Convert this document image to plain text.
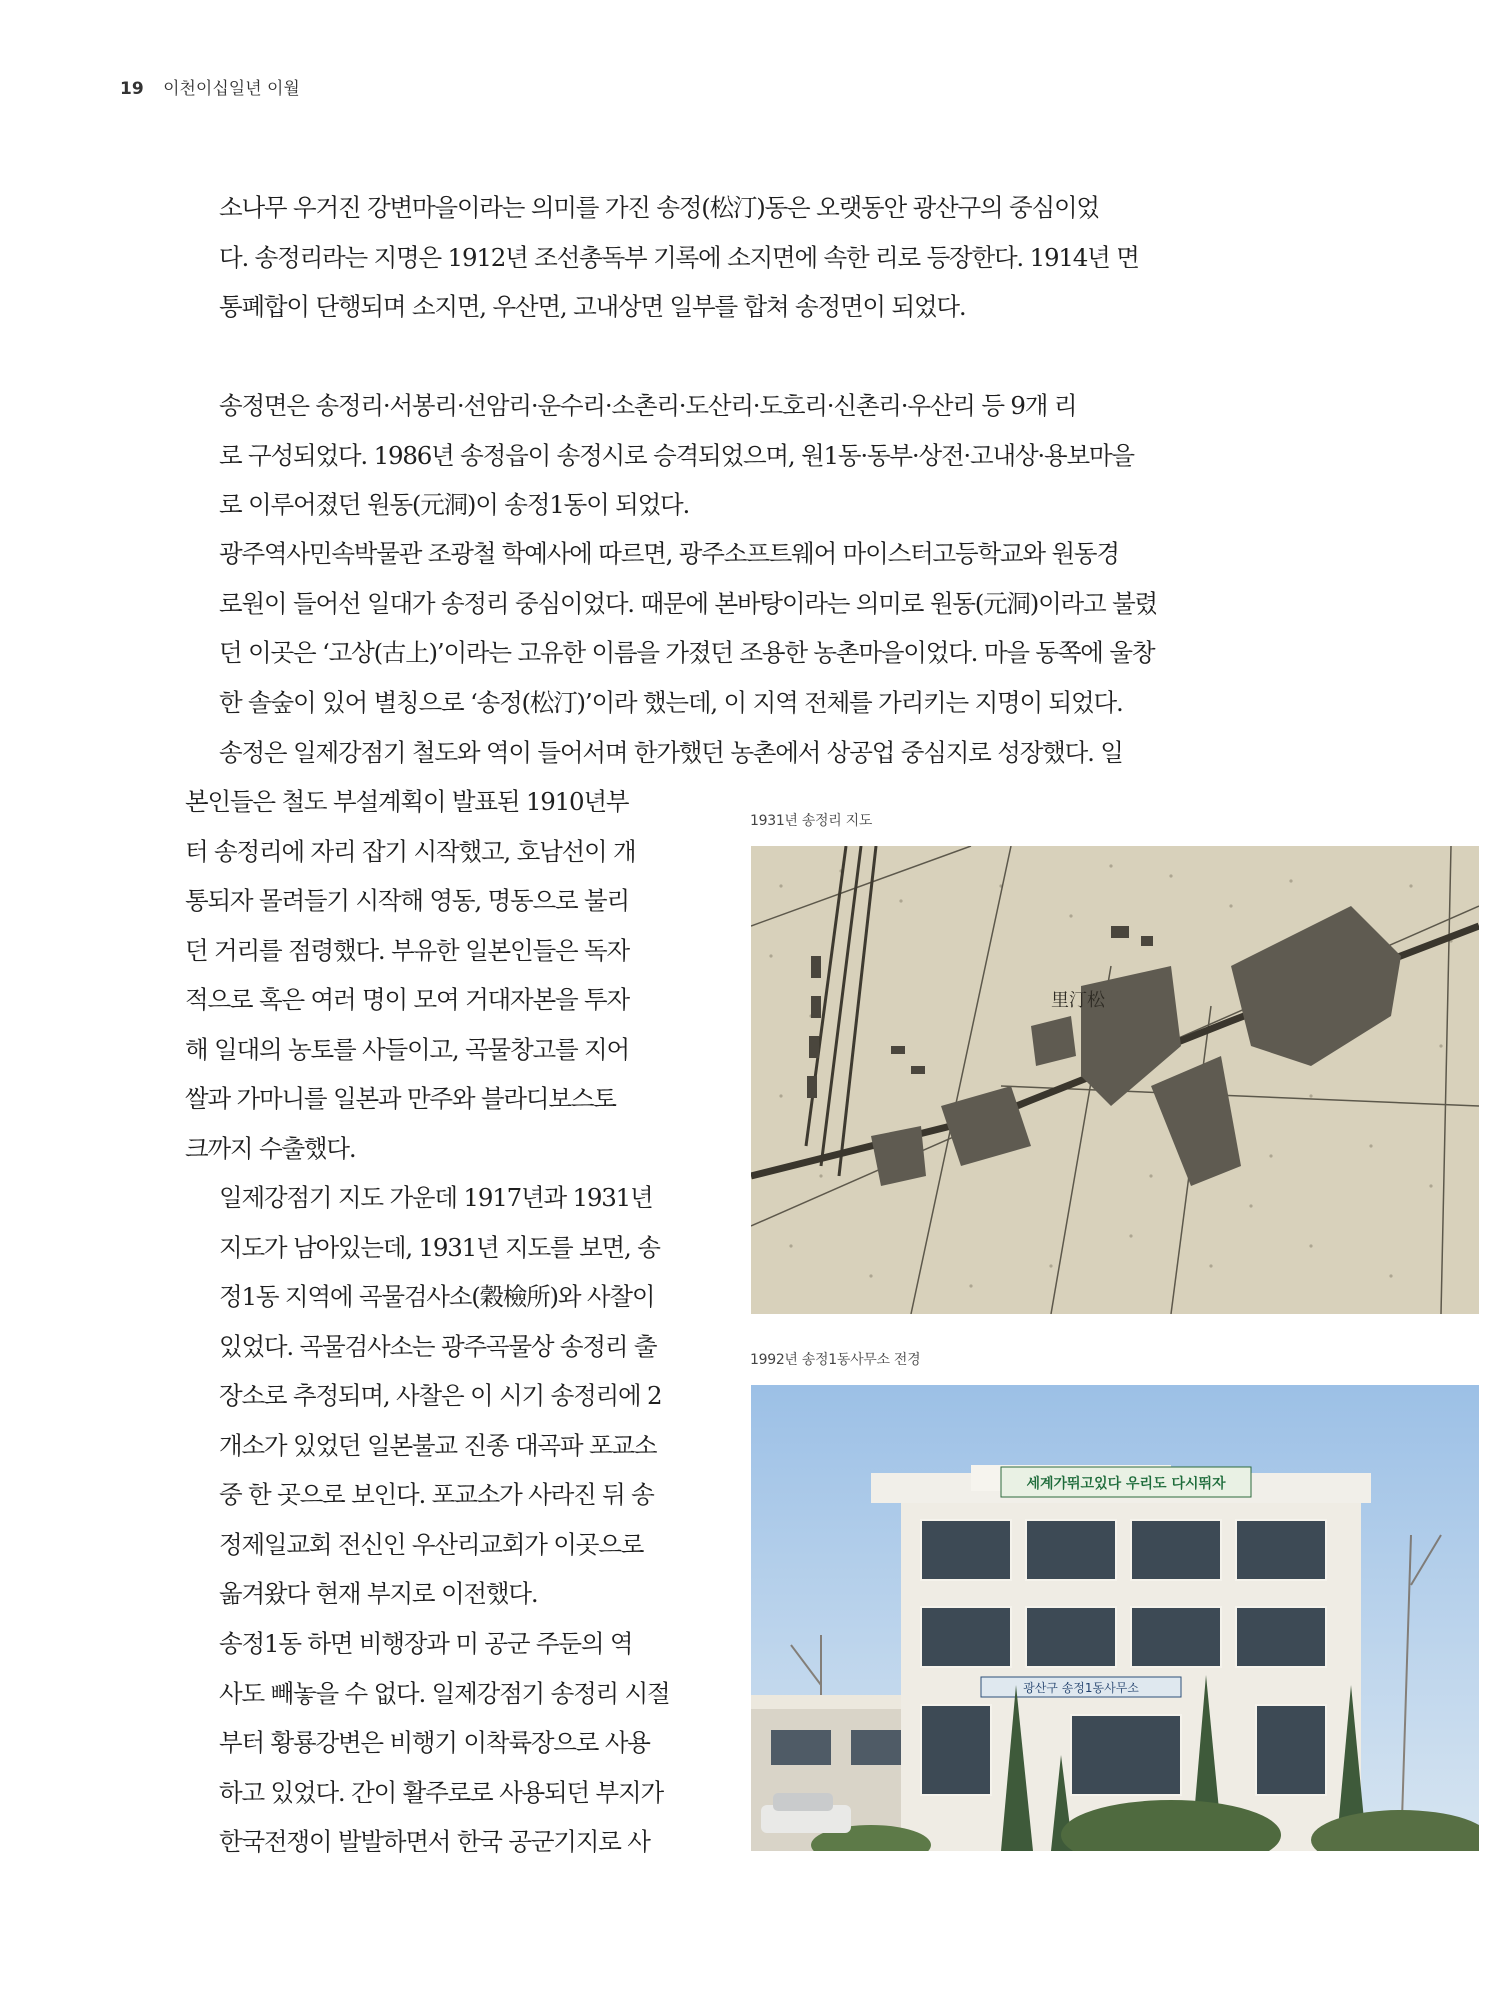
19 이천이십일년 이월

소나무 우거진 강변마을이라는 의미를 가진 송정(松汀)동은 오랫동안 광산구의 중심이었
다. 송정리라는 지명은 1912년 조선총독부 기록에 소지면에 속한 리로 등장한다. 1914년 면
통폐합이 단행되며 소지면, 우산면, 고내상면 일부를 합쳐 송정면이 되었다.

송정면은 송정리·서봉리·선암리·운수리·소촌리·도산리·도호리·신촌리·우산리 등 9개 리
로 구성되었다. 1986년 송정읍이 송정시로 승격되었으며, 원1동·동부·상전·고내상·용보마을
로 이루어졌던 원동(元洞)이 송정1동이 되었다.

광주역사민속박물관 조광철 학예사에 따르면, 광주소프트웨어 마이스터고등학교와 원동경
로원이 들어선 일대가 송정리 중심이었다. 때문에 본바탕이라는 의미로 원동(元洞)이라고 불렸
던 이곳은 ‘고상(古上)’이라는 고유한 이름을 가졌던 조용한 농촌마을이었다. 마을 동쪽에 울창
한 솔숲이 있어 별칭으로 ‘송정(松汀)’이라 했는데, 이 지역 전체를 가리키는 지명이 되었다.

송정은 일제강점기 철도와 역이 들어서며 한가했던 농촌에서 상공업 중심지로 성장했다. 일

본인들은 철도 부설계획이 발표된 1910년부
터 송정리에 자리 잡기 시작했고, 호남선이 개
통되자 몰려들기 시작해 영동, 명동으로 불리
던 거리를 점령했다. 부유한 일본인들은 독자
적으로 혹은 여러 명이 모여 거대자본을 투자
해 일대의 농토를 사들이고, 곡물창고를 지어
쌀과 가마니를 일본과 만주와 블라디보스토
크까지 수출했다.

일제강점기 지도 가운데 1917년과 1931년
지도가 남아있는데, 1931년 지도를 보면, 송
정1동 지역에 곡물검사소(穀檢所)와 사찰이
있었다. 곡물검사소는 광주곡물상 송정리 출
장소로 추정되며, 사찰은 이 시기 송정리에 2
개소가 있었던 일본불교 진종 대곡파 포교소
중 한 곳으로 보인다. 포교소가 사라진 뒤 송
정제일교회 전신인 우산리교회가 이곳으로
옮겨왔다 현재 부지로 이전했다.

송정1동 하면 비행장과 미 공군 주둔의 역
사도 빼놓을 수 없다. 일제강점기 송정리 시절
부터 황룡강변은 비행기 이착륙장으로 사용
하고 있었다. 간이 활주로로 사용되던 부지가
한국전쟁이 발발하면서 한국 공군기지로 사

1931년 송정리 지도
里汀松
1992년 송정1동사무소 전경
세계가뛰고있다 우리도 다시뛰자
광산구 송정1동사무소
